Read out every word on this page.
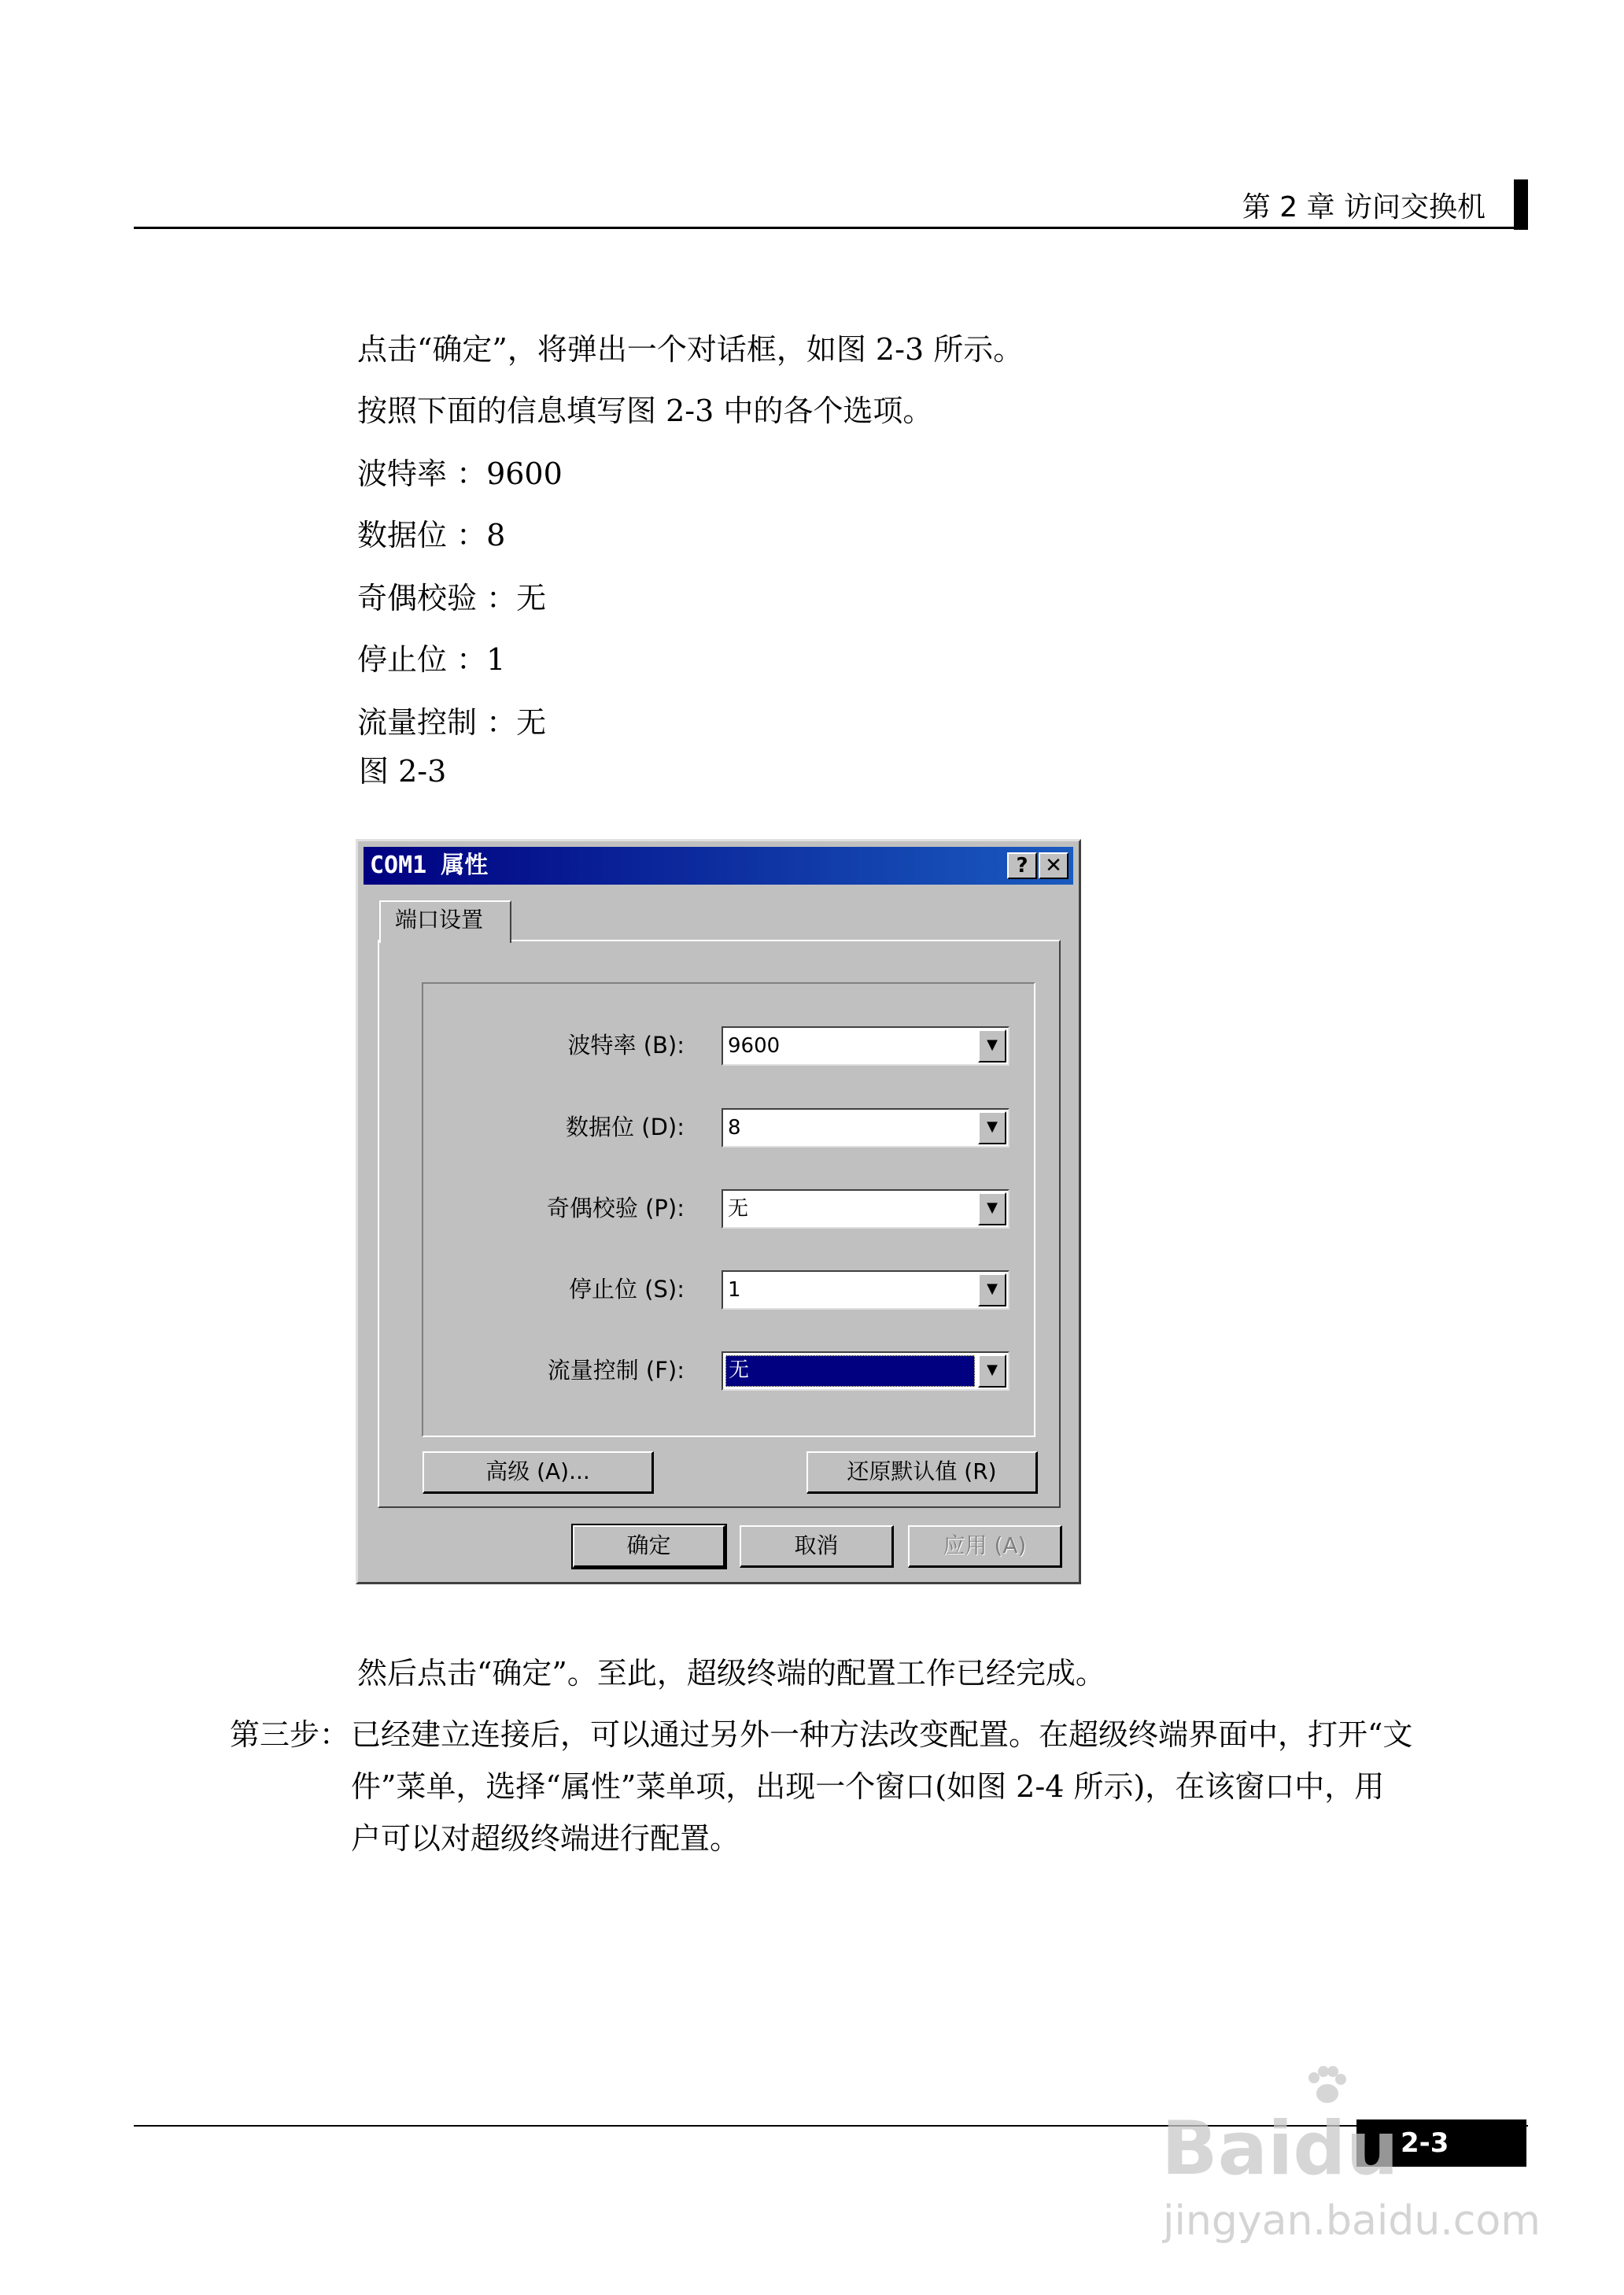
第 2 章 访问交换机
点击“确定”，将弹出一个对话框，如图 2-3 所示。
按照下面的信息填写图 2-3 中的各个选项。
波特率 ：9600
数据位 ：8
奇偶校验 ：无
停止位 ：1
流量控制 ：无
图 2-3
COM1 属性	? ✕
端口设置
波特率 (B): 9600	▼
数据位 (D): 8	▼
奇偶校验 (P): 无	▼
停止位 (S): 1	▼
流量控制 (F): 无	▼
高级 (A)...	还原默认值 (R)
确定	取消	应用 (A)
然后点击“确定”。至此，超级终端的配置工作已经完成。
第三步： 已经建立连接后，可以通过另外一种方法改变配置。在超级终端界面中，打开“文
件”菜单，选择“属性”菜单项，出现一个窗口(如图 2-4 所示)，在该窗口中，用
户可以对超级终端进行配置。
2-3
Baidu
jingyan.baidu.com
